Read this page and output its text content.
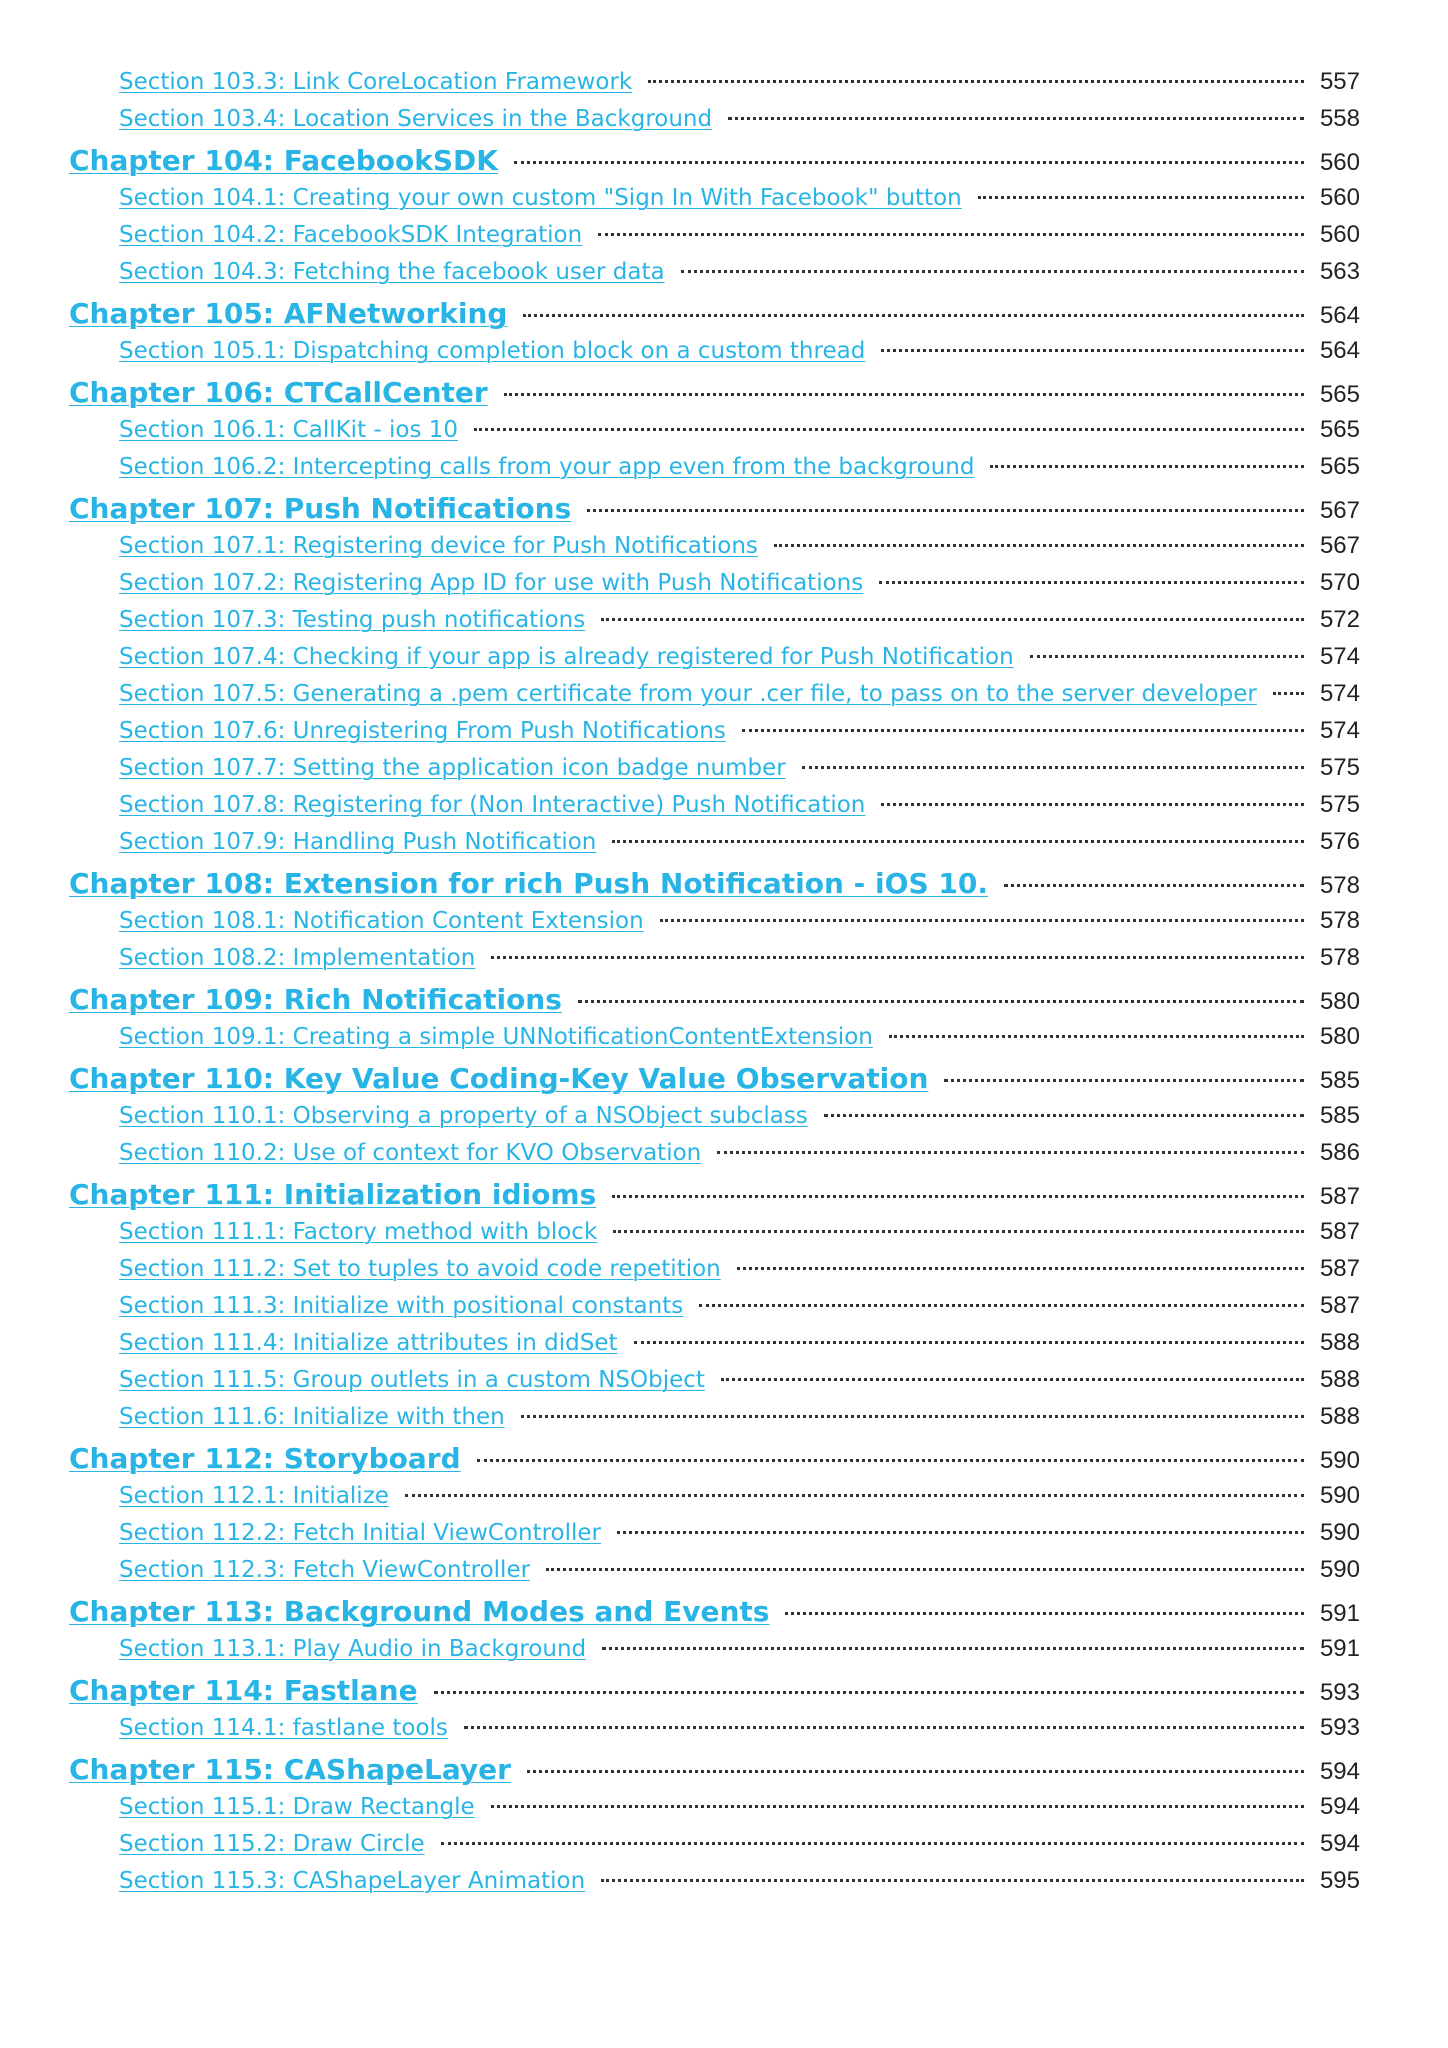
Section 103.3: Link CoreLocation Framework	557
Section 103.4: Location Services in the Background	558
Chapter 104: FacebookSDK	560
Section 104.1: Creating your own custom "Sign In With Facebook" button	560
Section 104.2: FacebookSDK Integration	560
Section 104.3: Fetching the facebook user data	563
Chapter 105: AFNetworking	564
Section 105.1: Dispatching completion block on a custom thread	564
Chapter 106: CTCallCenter	565
Section 106.1: CallKit - ios 10	565
Section 106.2: Intercepting calls from your app even from the background	565
Chapter 107: Push Notifications	567
Section 107.1: Registering device for Push Notifications	567
Section 107.2: Registering App ID for use with Push Notifications	570
Section 107.3: Testing push notifications	572
Section 107.4: Checking if your app is already registered for Push Notification	574
Section 107.5: Generating a .pem certificate from your .cer file, to pass on to the server developer	574
Section 107.6: Unregistering From Push Notifications	574
Section 107.7: Setting the application icon badge number	575
Section 107.8: Registering for (Non Interactive) Push Notification	575
Section 107.9: Handling Push Notification	576
Chapter 108: Extension for rich Push Notification - iOS 10.	578
Section 108.1: Notification Content Extension	578
Section 108.2: Implementation	578
Chapter 109: Rich Notifications	580
Section 109.1: Creating a simple UNNotificationContentExtension	580
Chapter 110: Key Value Coding-Key Value Observation	585
Section 110.1: Observing a property of a NSObject subclass	585
Section 110.2: Use of context for KVO Observation	586
Chapter 111: Initialization idioms	587
Section 111.1: Factory method with block	587
Section 111.2: Set to tuples to avoid code repetition	587
Section 111.3: Initialize with positional constants	587
Section 111.4: Initialize attributes in didSet	588
Section 111.5: Group outlets in a custom NSObject	588
Section 111.6: Initialize with then	588
Chapter 112: Storyboard	590
Section 112.1: Initialize	590
Section 112.2: Fetch Initial ViewController	590
Section 112.3: Fetch ViewController	590
Chapter 113: Background Modes and Events	591
Section 113.1: Play Audio in Background	591
Chapter 114: Fastlane	593
Section 114.1: fastlane tools	593
Chapter 115: CAShapeLayer	594
Section 115.1: Draw Rectangle	594
Section 115.2: Draw Circle	594
Section 115.3: CAShapeLayer Animation	595
